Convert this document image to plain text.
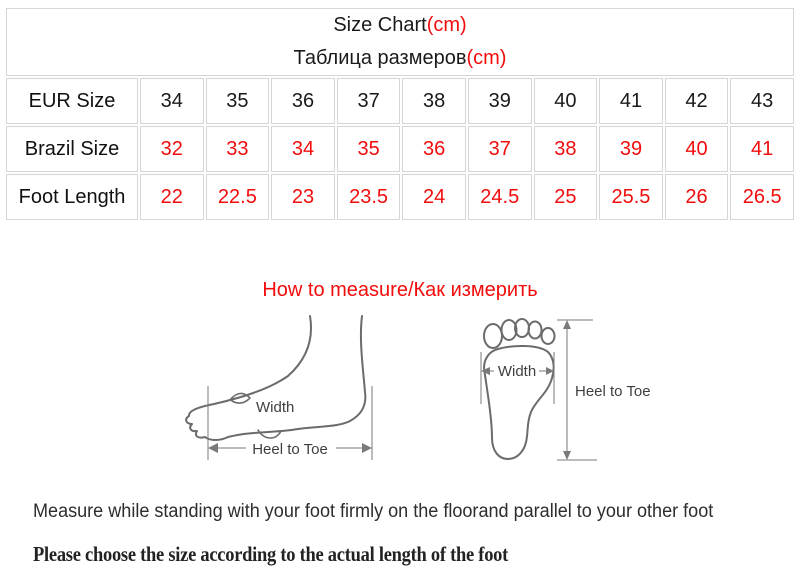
Size Chart(cm)
Таблица размеров(cm)										

EUR Size	34	35	36	37	38	39	40	41	42	43
Brazil Size	32	33	34	35	36	37	38	39	40	41
Foot Length	22	22.5	23	23.5	24	24.5	25	25.5	26	26.5
How to measure/Как измерить
Heel to Toe
Width
Width
Heel to Toe
Measure while standing with your foot firmly on the floorand parallel to your other foot
Please choose the size according to the actual length of the foot
